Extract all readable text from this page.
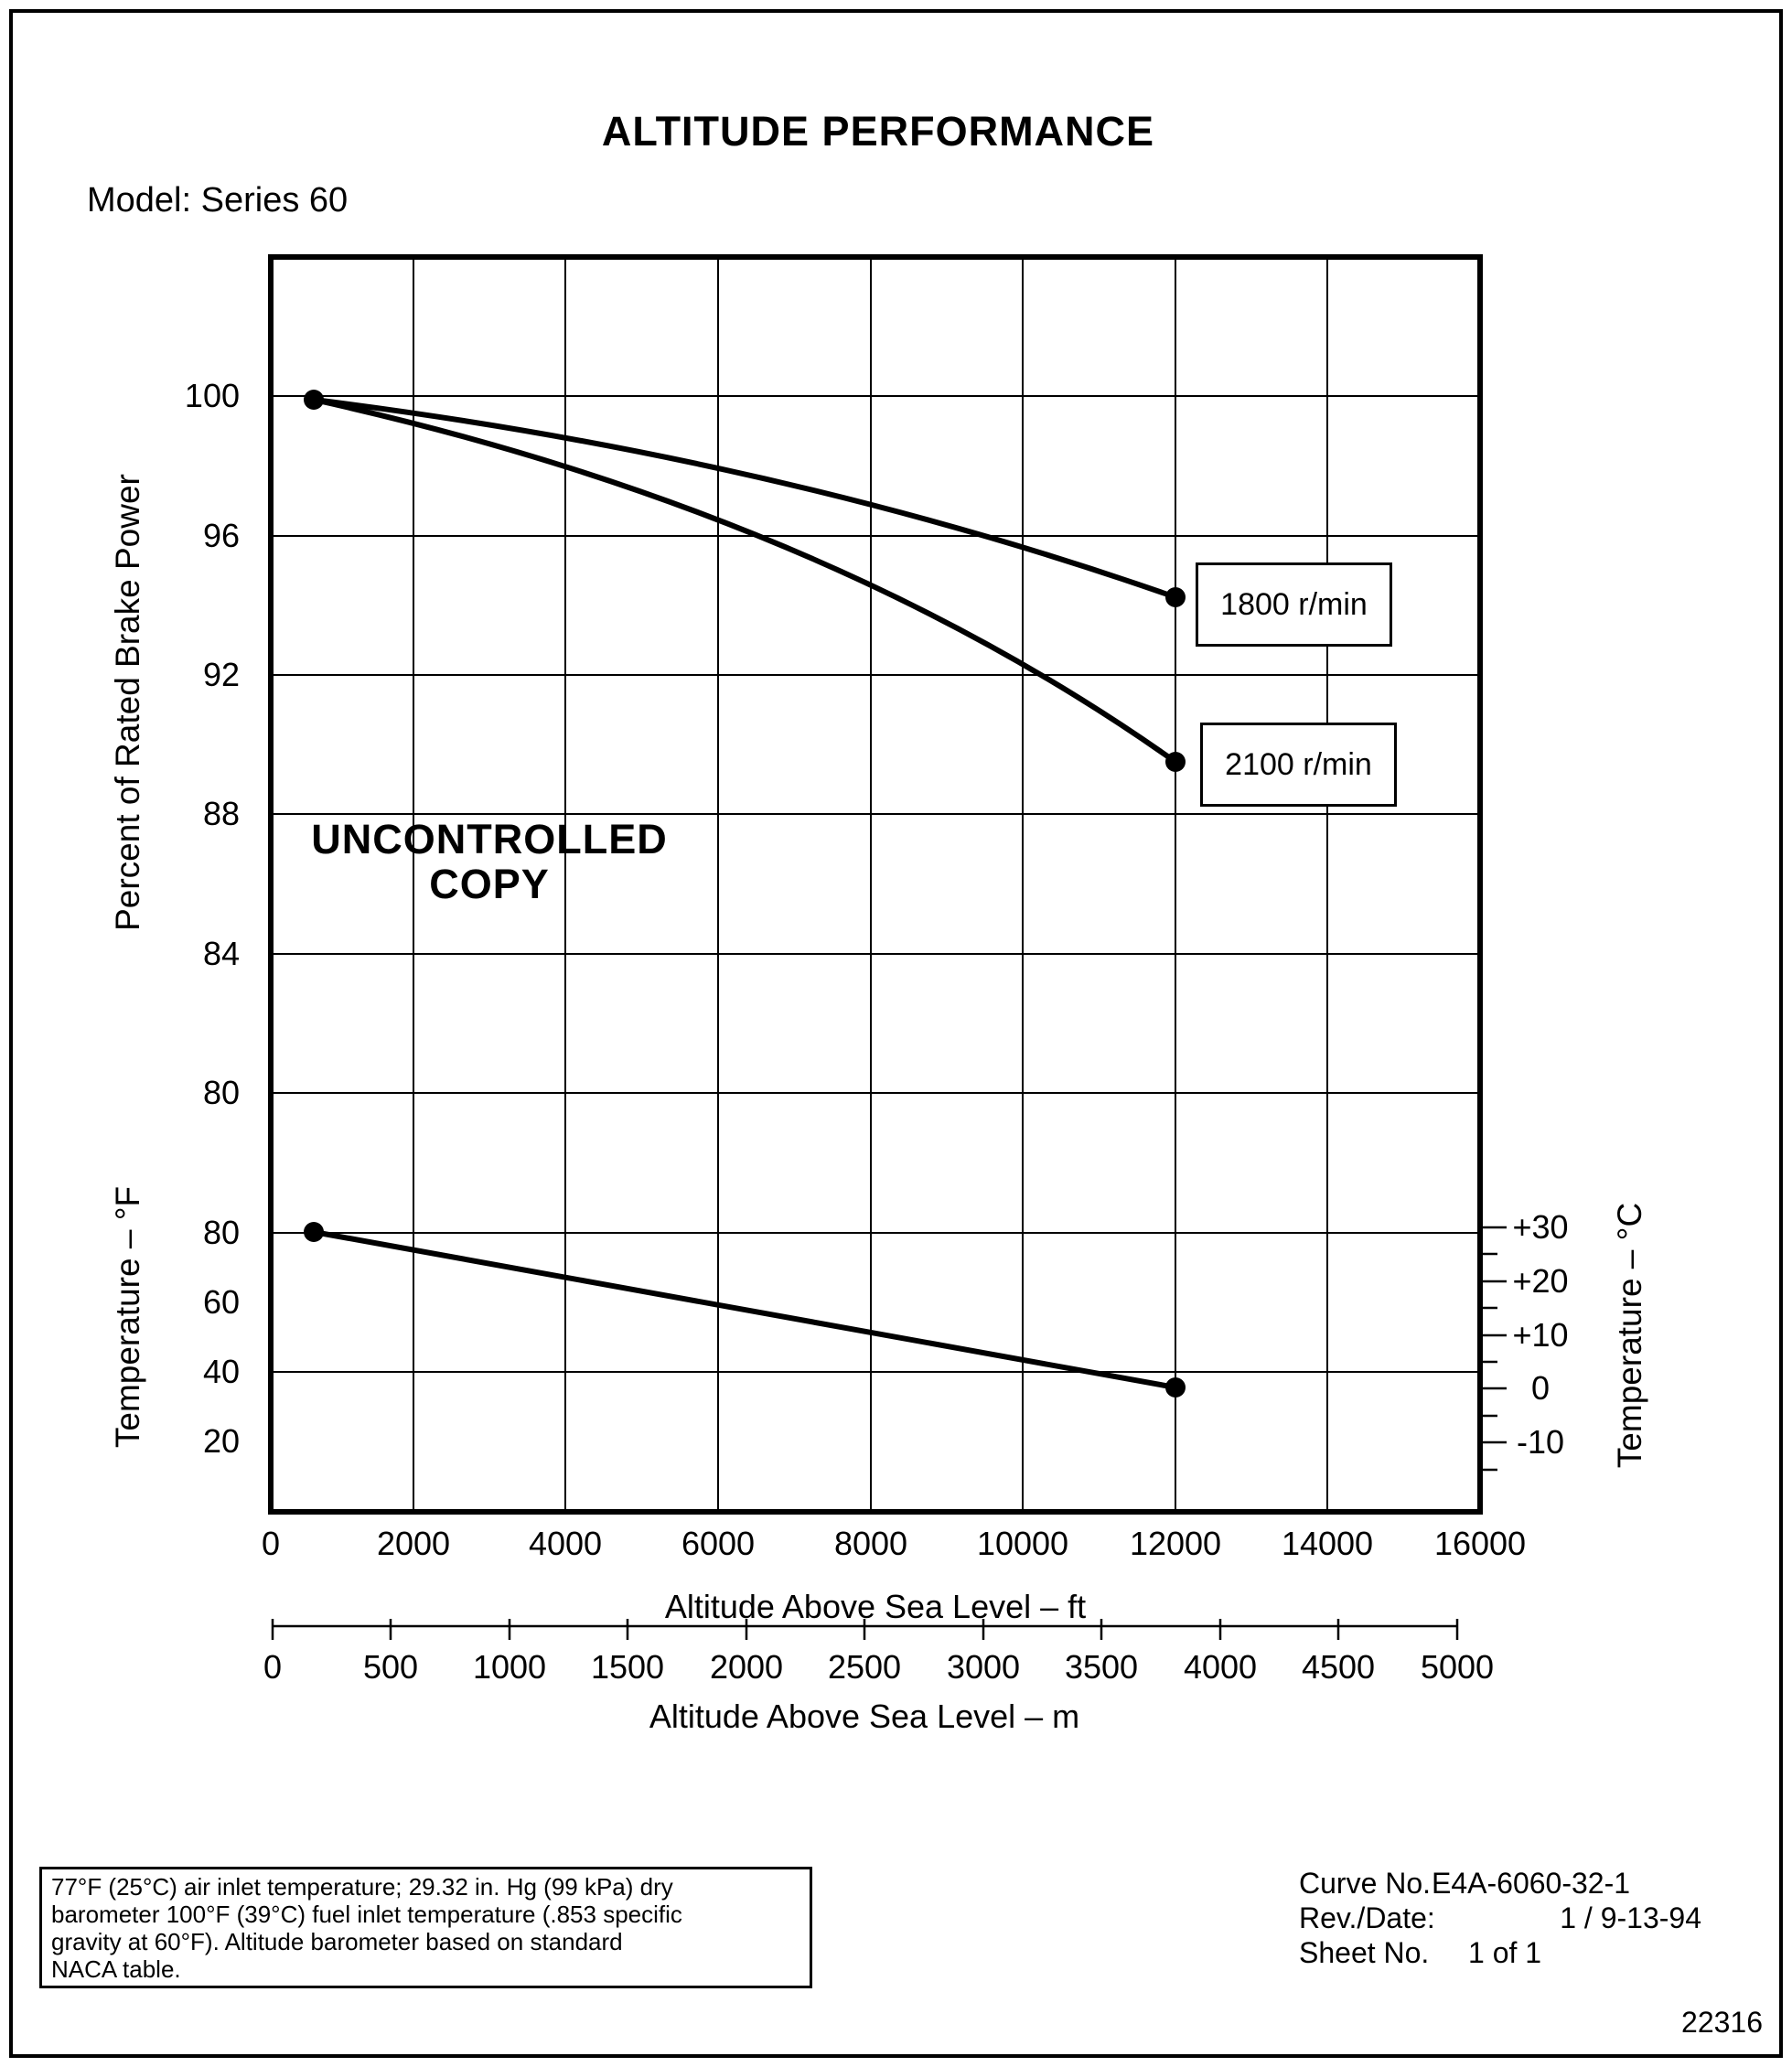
ALTITUDE PERFORMANCE
Model: Series 60
UNCONTROLLED
COPY
1800 r/min
2100 r/min
Percent of Rated Brake Power
Temperature – °F	Temperature – °C
Altitude Above Sea Level – ft
Altitude Above Sea Level – m
100
96
92
88
84
80
80
60
40
20
+30
+20
+10
0
-10
0	2000	4000	6000	8000	10000	12000	14000	16000
0	500	1000	1500	2000	2500	3000	3500	4000	4500	5000
77°F (25°C) air inlet temperature; 29.32 in. Hg (99 kPa) dry
barometer 100°F (39°C) fuel inlet temperature (.853 specific
gravity at 60°F). Altitude barometer based on standard
NACA table.
Curve No. E4A-6060-32-1
Rev./Date:	1 / 9-13-94
Sheet No. 1 of 1
22316
